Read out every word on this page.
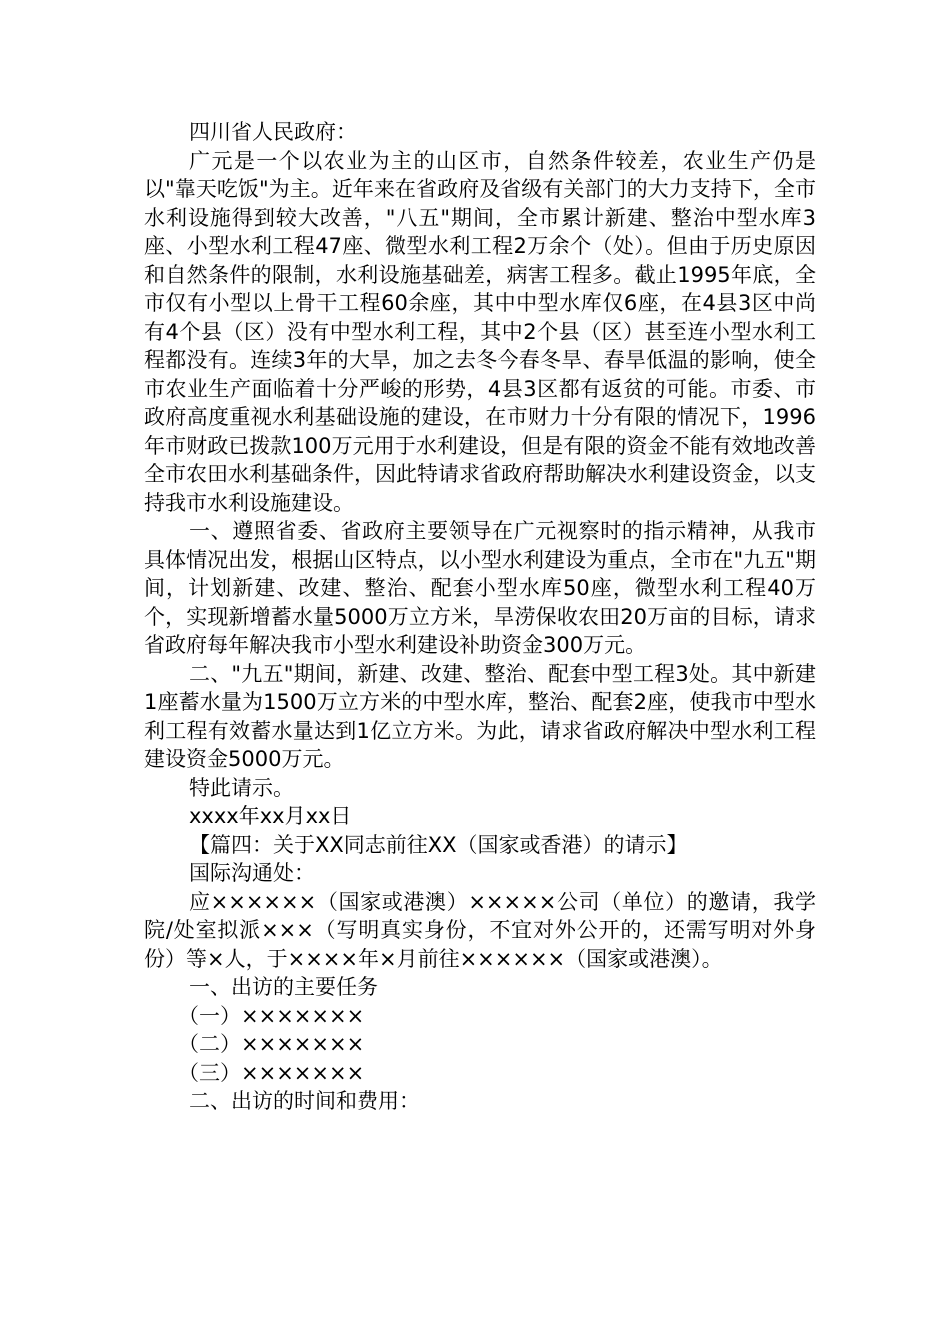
四川省人民政府：

广元是一个以农业为主的山区市，自然条件较差，农业生产仍是以"靠天吃饭"为主。近年来在省政府及省级有关部门的大力支持下，全市水利设施得到较大改善，"八五"期间，全市累计新建、整治中型水库3座、小型水利工程47座、微型水利工程2万余个（处）。但由于历史原因和自然条件的限制，水利设施基础差，病害工程多。截止1995年底，全市仅有小型以上骨干工程60余座，其中中型水库仅6座，在4县3区中尚有4个县（区）没有中型水利工程，其中2个县（区）甚至连小型水利工程都没有。连续3年的大旱，加之去冬今春冬旱、春旱低温的影响，使全市农业生产面临着十分严峻的形势，4县3区都有返贫的可能。市委、市政府高度重视水利基础设施的建设，在市财力十分有限的情况下，1996年市财政已拨款100万元用于水利建设，但是有限的资金不能有效地改善全市农田水利基础条件，因此特请求省政府帮助解决水利建设资金，以支持我市水利设施建设。

一、遵照省委、省政府主要领导在广元视察时的指示精神，从我市具体情况出发，根据山区特点，以小型水利建设为重点，全市在"九五"期间，计划新建、改建、整治、配套小型水库50座，微型水利工程40万个，实现新增蓄水量5000万立方米，旱涝保收农田20万亩的目标，请求省政府每年解决我市小型水利建设补助资金300万元。

二、"九五"期间，新建、改建、整治、配套中型工程3处。其中新建1座蓄水量为1500万立方米的中型水库，整治、配套2座，使我市中型水利工程有效蓄水量达到1亿立方米。为此，请求省政府解决中型水利工程建设资金5000万元。

特此请示。

xxxx年xx月xx日

【篇四：关于XX同志前往XX（国家或香港）的请示】

国际沟通处：

应××××××（国家或港澳）×××××公司（单位）的邀请，我学院/处室拟派×××（写明真实身份，不宜对外公开的，还需写明对外身份）等×人，于××××年×月前往××××××（国家或港澳）。

一、出访的主要任务

（一）×××××××

（二）×××××××

（三）×××××××

二、出访的时间和费用：
